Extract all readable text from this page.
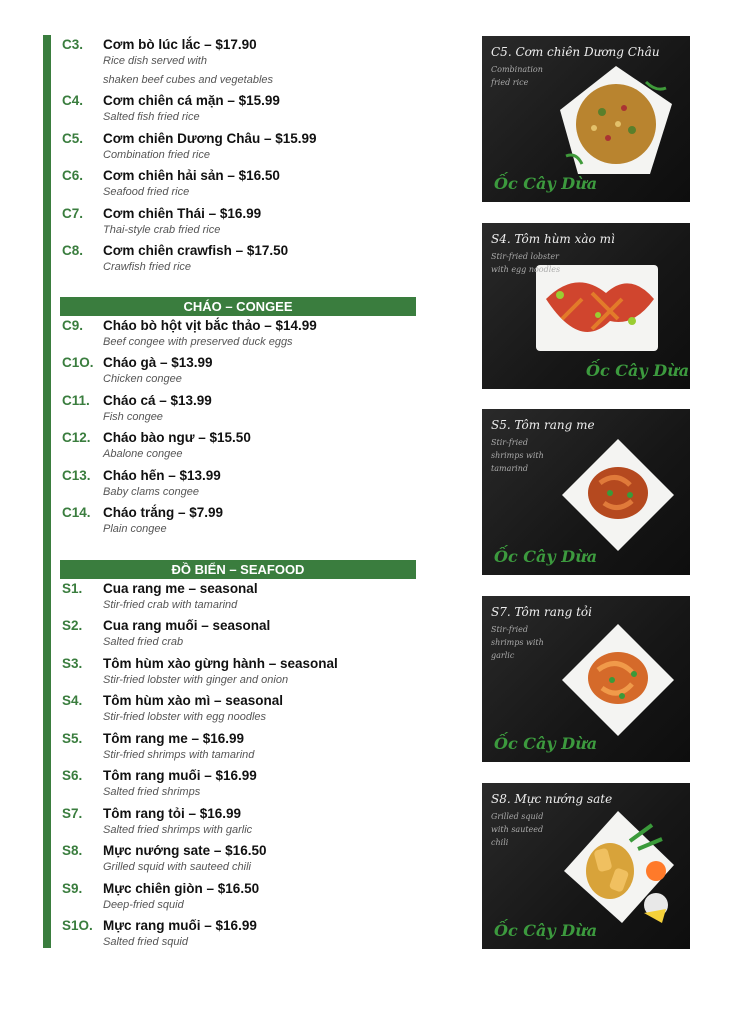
C3. Cơm bò lúc lắc – $17.90
Rice dish served with
shaken beef cubes and vegetables
C4. Cơm chiên cá mặn – $15.99
Salted fish fried rice
C5. Cơm chiên Dương Châu – $15.99
Combination fried rice
C6. Cơm chiên hải sản – $16.50
Seafood fried rice
C7. Cơm chiên Thái – $16.99
Thai-style crab fried rice
C8. Cơm chiên crawfish – $17.50
Crawfish fried rice
CHÁO – CONGEE
C9. Cháo bò hột vịt bắc thảo – $14.99
Beef congee with preserved duck eggs
C1O. Cháo gà – $13.99
Chicken congee
C11. Cháo cá – $13.99
Fish congee
C12. Cháo bào ngư – $15.50
Abalone congee
C13. Cháo hến – $13.99
Baby clams congee
C14. Cháo trắng – $7.99
Plain congee
ĐỒ BIỂN – SEAFOOD
S1. Cua rang me – seasonal
Stir-fried crab with tamarind
S2. Cua rang muối – seasonal
Salted fried crab
S3. Tôm hùm xào gừng hành – seasonal
Stir-fried lobster with ginger and onion
S4. Tôm hùm xào mì – seasonal
Stir-fried lobster with egg noodles
S5. Tôm rang me – $16.99
Stir-fried shrimps with tamarind
S6. Tôm rang muối – $16.99
Salted fried shrimps
S7. Tôm rang tỏi – $16.99
Salted fried shrimps with garlic
S8. Mực nướng sate – $16.50
Grilled squid with sauteed chili
S9. Mực chiên giòn – $16.50
Deep-fried squid
S1O. Mực rang muối – $16.99
Salted fried squid
C5. Cơm chiên Dương Châu
Combination fried rice
Ốc Cây Dừa
S4. Tôm hùm xào mì
Stir-fried lobster with egg noodles
Ốc Cây Dừa
S5. Tôm rang me
Stir-fried shrimps with tamarind
Ốc Cây Dừa
S7. Tôm rang tỏi
Stir-fried shrimps with garlic
Ốc Cây Dừa
S8. Mực nướng sate
Grilled squid with sauteed chili
Ốc Cây Dừa
